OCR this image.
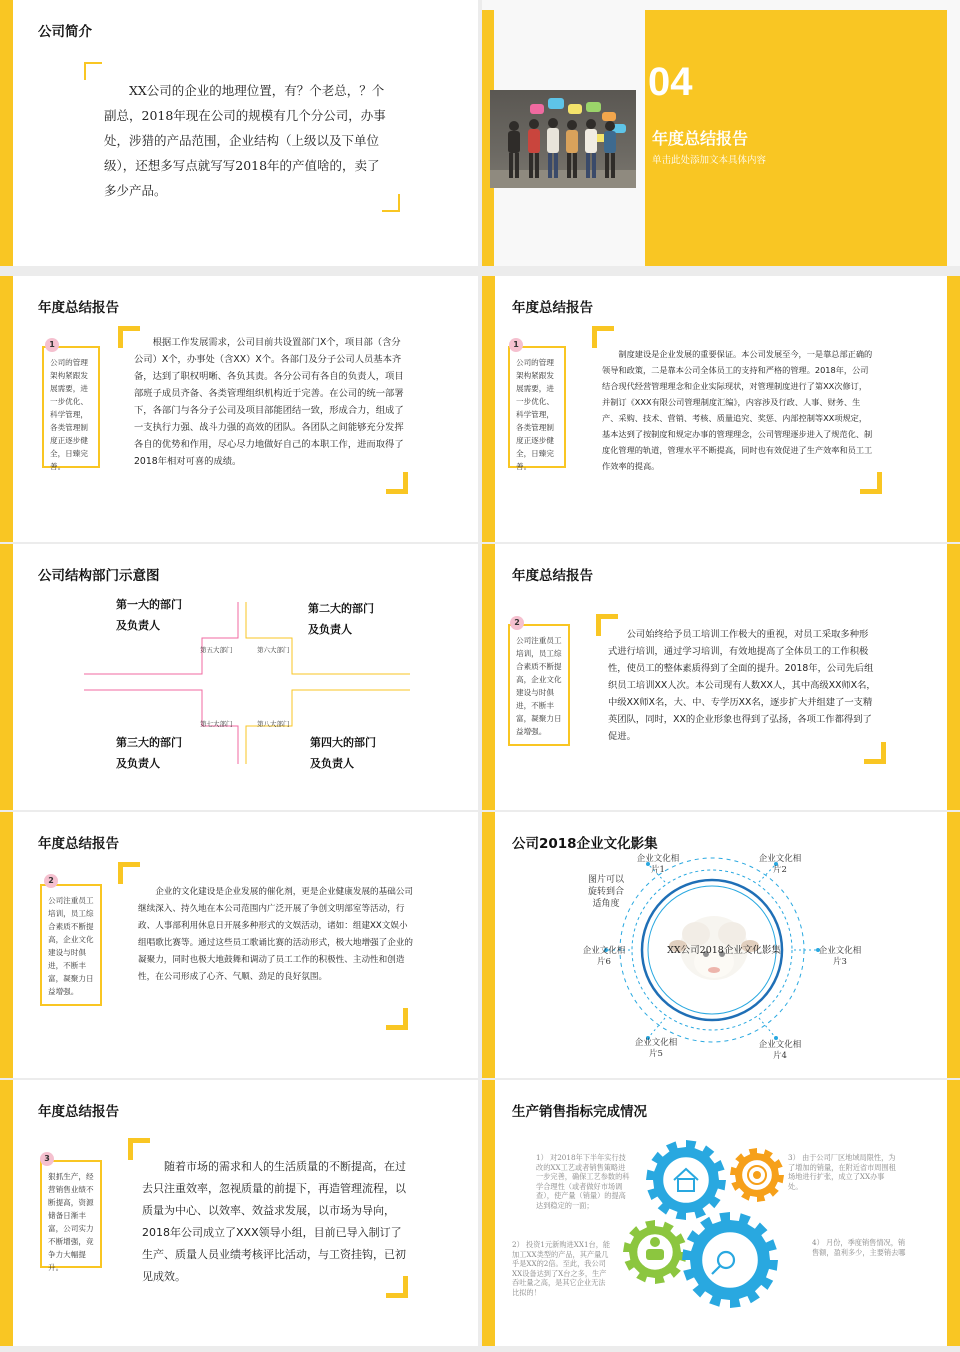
公司简介
XX公司的企业的地理位置，有？个老总，？个副总，2018年现在公司的规模有几个分公司，办事处，涉猎的产品范围，企业结构（上级以及下单位级），还想多写点就写写2018年的产值啥的，卖了多少产品。
04
年度总结报告
单击此处添加文本具体内容
年度总结报告
公司的管理架构紧跟发展需要，进一步优化、科学管理，各类管理制度正逐步健全，日臻完善。
1	根据工作发展需求，公司目前共设置部门X个，项目部（含分公司）X个，办事处（含XX）X个。各部门及分子公司人员基本齐备，达到了职权明晰、各负其责。各分公司有各自的负责人，项目部班子成员齐备、各类管理组织机构近于完善。在公司的统一部署下，各部门与各分子公司及项目部能团结一致，形成合力，组成了一支执行力强、战斗力强的高效的团队。各团队之间能够充分发挥各自的优势和作用，尽心尽力地做好自己的本职工作，进而取得了2018年相对可喜的成绩。
年度总结报告
公司的管理架构紧跟发展需要，进一步优化、科学管理，各类管理制度正逐步健全，日臻完善。
1
制度建设是企业发展的重要保证。本公司发展至今，一是靠总部正确的领导和政策，二是靠本公司全体员工的支持和严格的管理。2018年，公司结合现代经营管理理念和企业实际现状，对管理制度进行了第XX次修订，并制订《XXX有限公司管理制度汇编》，内容涉及行政、人事、财务、生产、采购、技术、营销、考核、质量追究、奖惩、内部控制等XX项规定，基本达到了按制度和规定办事的管理理念，公司管理逐步进入了规范化、制度化管理的轨道，管理水平不断提高，同时也有效促进了生产效率和员工工作效率的提高。
公司结构部门示意图
第一大的部门及负责人
第二大的部门及负责人
第三大的部门及负责人
第四大的部门及负责人
第五大部门	第六大部门
第七大部门	第八大部门
年度总结报告
公司注重员工培训，员工综合素质不断提高，企业文化建设与时俱进，不断丰富，凝聚力日益增强。
2
公司始终给予员工培训工作极大的重视，对员工采取多种形式进行培训，通过学习培训，有效地提高了全体员工的工作积极性，使员工的整体素质得到了全面的提升。2018年，公司先后组织员工培训XX人次。本公司现有人数XX人，其中高级XX师X名，中级XX师X名，大、中、专学历XX名，逐步扩大并组建了一支精英团队，同时，XX的企业形象也得到了弘扬，各项工作都得到了促进。
年度总结报告
公司注重员工培训，员工综合素质不断提高，企业文化建设与时俱进，不断丰富，凝聚力日益增强。
2
企业的文化建设是企业发展的催化剂，更是企业健康发展的基础公司继续深入、持久地在本公司范围内广泛开展了争创文明部室等活动，行政、人事部利用休息日开展多种形式的文娱活动，诸如：组建XX文娱小组唱歌比赛等。通过这些员工歌诵比赛的活动形式，极大地增强了企业的凝聚力，同时也极大地鼓舞和调动了员工工作的积极性、主动性和创造性，在公司形成了心齐、气顺、劲足的良好氛围。
公司2018企业文化影集
XX公司2018企业文化影集
图片可以旋转到合适角度
企业文化相片1
企业文化相片2
企业文化相片3
企业文化相片4
企业文化相片5
企业文化相片6
年度总结报告
狠抓生产，经营销售业绩不断提高，资源储备日渐丰富，公司实力不断增强，竞争力大幅提升。
3
随着市场的需求和人的生活质量的不断提高，在过去只注重效率，忽视质量的前提下，再造管理流程，以质量为中心、以效率、效益求发展，以市场为导向，2018年公司成立了XXX领导小组，目前已导入制订了生产、质量人员业绩考核评比活动，与工资挂钩，已初见成效。
生产销售指标完成情况
1） 对2018年下半年实行技改的XX工艺或者销售策略进一步完善，确保工艺参数的科学合理性（或者做好市场调查），使产量（销量）的提高达到稳定的一面；
2） 投资1元新购进XX1台，能加工XX类型的产品，其产量几乎是XX的2倍。至此，我公司XX设备达到了X台之多，生产吞吐量之高，是其它企业无法比拟的！
3） 由于公司厂区地域局限性，为了增加的销量，在附近省市周围租场地进行扩张，成立了XX办事处。
4） 月份，季度销售情况，销售额，盈利多少，主要销去哪
